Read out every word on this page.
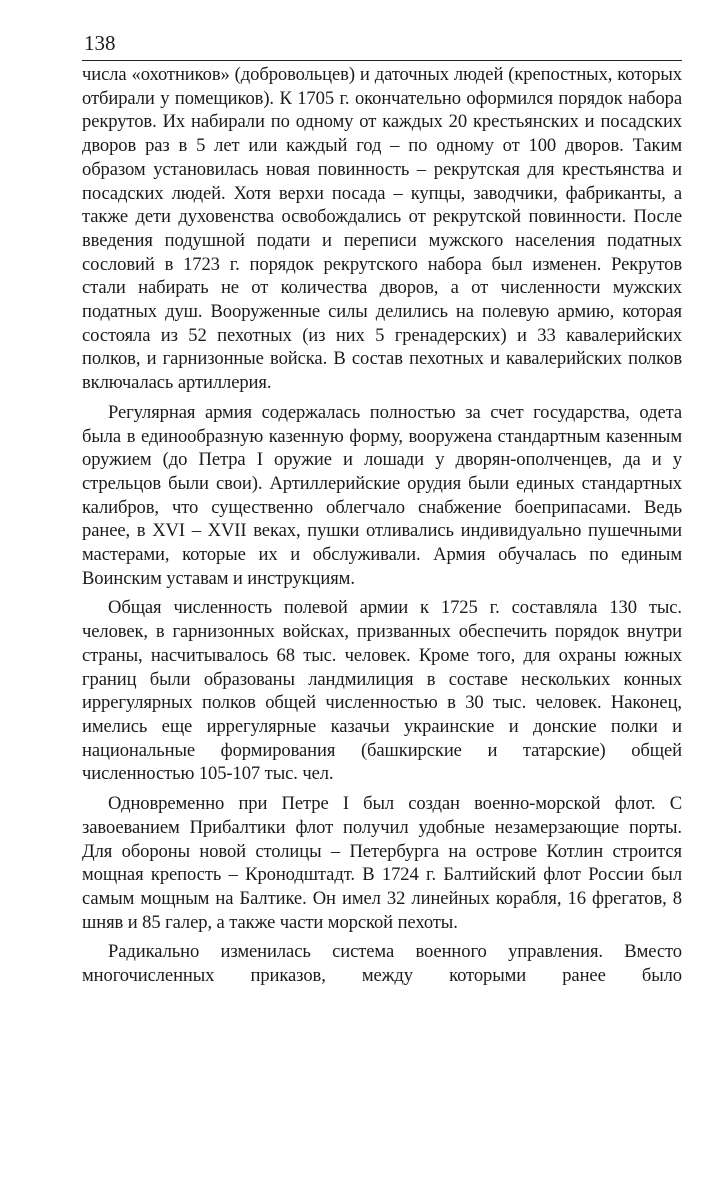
138

числа «охотников» (добровольцев) и даточных людей (крепостных, которых отбирали у помещиков). К 1705 г. окончательно оформился порядок набора рекрутов. Их набирали по одному от каждых 20 крестьянских и посадских дворов раз в 5 лет или каждый год – по одному от 100 дворов. Таким образом установилась новая повинность – рекрутская для крестьянства и посадских людей. Хотя верхи посада – купцы, заводчики, фабриканты, а также дети духовенства освобождались от рекрутской повинности. После введения подушной подати и переписи мужского населения податных сословий в 1723 г. порядок рекрутского набора был изменен. Рекрутов стали набирать не от количества дворов, а от численности мужских податных душ. Вооруженные силы делились на полевую армию, которая состояла из 52 пехотных (из них 5 гренадерских) и 33 кавалерийских полков, и гарнизонные войска. В состав пехотных и кавалерийских полков включалась артиллерия.

Регулярная армия содержалась полностью за счет государства, одета была в единообразную казенную форму, вооружена стандартным казенным оружием (до Петра I оружие и лошади у дворян-ополченцев, да и у стрельцов были свои). Артиллерийские орудия были единых стандартных калибров, что существенно облегчало снабжение боеприпасами. Ведь ранее, в XVI – XVII веках, пушки отливались индивидуально пушечными мастерами, которые их и обслуживали. Армия обучалась по единым Воинским уставам и инструкциям.

Общая численность полевой армии к 1725 г. составляла 130 тыс. человек, в гарнизонных войсках, призванных обеспечить порядок внутри страны, насчитывалось 68 тыс. человек. Кроме того, для охраны южных границ были образованы ландмилиция в составе нескольких конных иррегулярных полков общей численностью в 30 тыс. человек. Наконец, имелись еще иррегулярные казачьи украинские и донские полки и национальные формирования (башкирские и татарские) общей численностью 105-107 тыс. чел.

Одновременно при Петре I был создан военно-морской флот. С завоеванием Прибалтики флот получил удобные незамерзающие порты. Для обороны новой столицы – Петербурга на острове Котлин строится мощная крепость – Кронодштадт. В 1724 г. Балтийский флот России был самым мощным на Балтике. Он имел 32 линейных корабля, 16 фрегатов, 8 шняв и 85 галер, а также части морской пехоты.

Радикально изменилась система военного управления. Вместо многочисленных приказов, между которыми ранее было
